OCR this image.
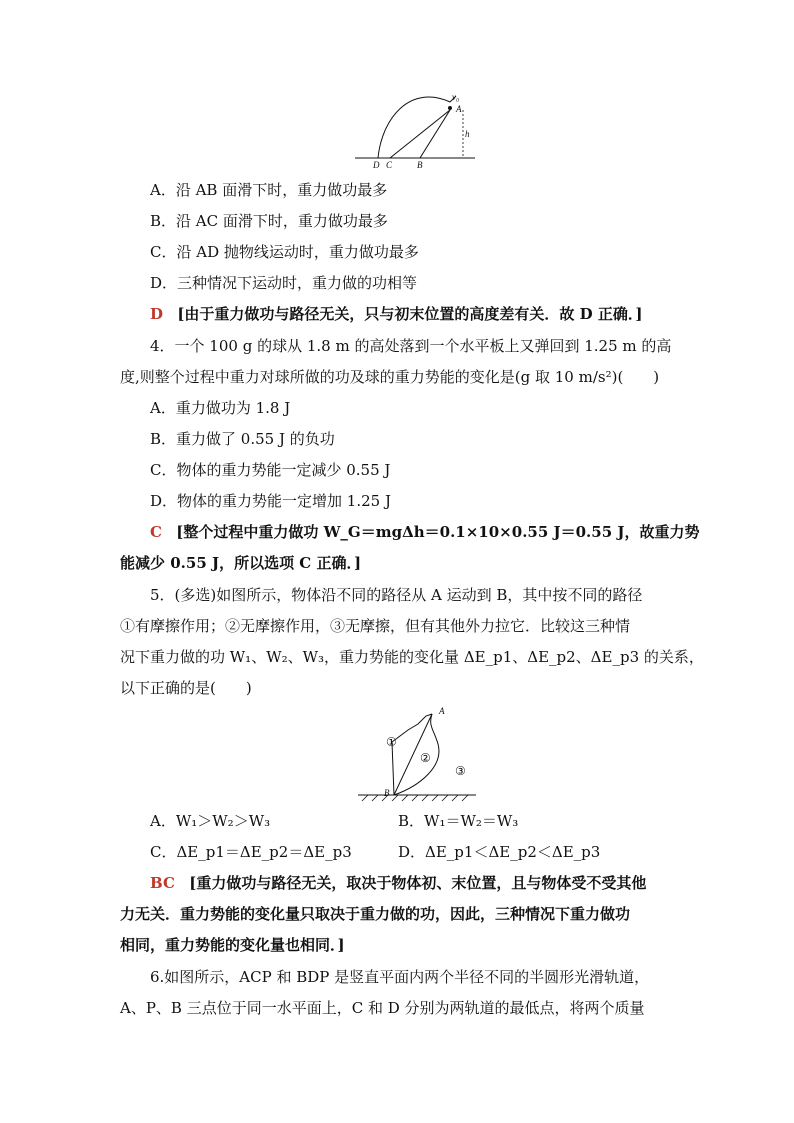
v₀
A
h
D C	B
A．沿 AB 面滑下时，重力做功最多
B．沿 AC 面滑下时，重力做功最多
C．沿 AD 抛物线运动时，重力做功最多
D．三种情况下运动时，重力做的功相等
D [由于重力做功与路径无关，只与初末位置的高度差有关．故 D 正确．]
4．一个 100 g 的球从 1.8 m 的高处落到一个水平板上又弹回到 1.25 m 的高
度,则整个过程中重力对球所做的功及球的重力势能的变化是(g 取 10 m/s²)(　　)
A．重力做功为 1.8 J
B．重力做了 0.55 J 的负功
C．物体的重力势能一定减少 0.55 J
D．物体的重力势能一定增加 1.25 J
C [整个过程中重力做功 W_G＝mgΔh＝0.1×10×0.55 J＝0.55 J，故重力势
能减少 0.55 J，所以选项 C 正确．]
5．(多选)如图所示，物体沿不同的路径从 A 运动到 B，其中按不同的路径
①有摩擦作用；②无摩擦作用，③无摩擦，但有其他外力拉它．比较这三种情
况下重力做的功 W₁、W₂、W₃，重力势能的变化量 ΔE_p1、ΔE_p2、ΔE_p3 的关系，
以下正确的是(　　)
A
B
①
②
③
A．W₁＞W₂＞W₃	B．W₁＝W₂＝W₃
C．ΔE_p1＝ΔE_p2＝ΔE_p3	D．ΔE_p1＜ΔE_p2＜ΔE_p3
BC [重力做功与路径无关，取决于物体初、末位置，且与物体受不受其他
力无关．重力势能的变化量只取决于重力做的功，因此，三种情况下重力做功
相同，重力势能的变化量也相同．]
6.如图所示，ACP 和 BDP 是竖直平面内两个半径不同的半圆形光滑轨道，
A、P、B 三点位于同一水平面上，C 和 D 分别为两轨道的最低点，将两个质量
